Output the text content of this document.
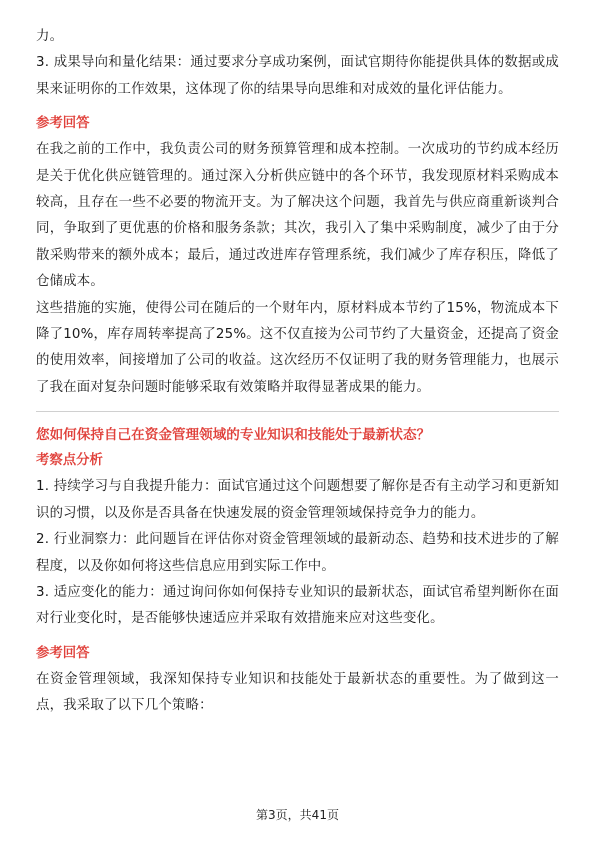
力。

3. 成果导向和量化结果：通过要求分享成功案例，面试官期待你能提供具体的数据或成果来证明你的工作效果，这体现了你的结果导向思维和对成效的量化评估能力。

参考回答

在我之前的工作中，我负责公司的财务预算管理和成本控制。一次成功的节约成本经历是关于优化供应链管理的。通过深入分析供应链中的各个环节，我发现原材料采购成本较高，且存在一些不必要的物流开支。为了解决这个问题，我首先与供应商重新谈判合同，争取到了更优惠的价格和服务条款；其次，我引入了集中采购制度，减少了由于分散采购带来的额外成本；最后，通过改进库存管理系统，我们减少了库存积压，降低了仓储成本。

这些措施的实施，使得公司在随后的一个财年内，原材料成本节约了15%，物流成本下降了10%，库存周转率提高了25%。这不仅直接为公司节约了大量资金，还提高了资金的使用效率，间接增加了公司的收益。这次经历不仅证明了我的财务管理能力，也展示了我在面对复杂问题时能够采取有效策略并取得显著成果的能力。

您如何保持自己在资金管理领域的专业知识和技能处于最新状态？
考察点分析

1. 持续学习与自我提升能力：面试官通过这个问题想要了解你是否有主动学习和更新知识的习惯，以及你是否具备在快速发展的资金管理领域保持竞争力的能力。

2. 行业洞察力：此问题旨在评估你对资金管理领域的最新动态、趋势和技术进步的了解程度，以及你如何将这些信息应用到实际工作中。

3. 适应变化的能力：通过询问你如何保持专业知识的最新状态，面试官希望判断你在面对行业变化时，是否能够快速适应并采取有效措施来应对这些变化。

参考回答

在资金管理领域，我深知保持专业知识和技能处于最新状态的重要性。为了做到这一点，我采取了以下几个策略：

第3页，共41页
